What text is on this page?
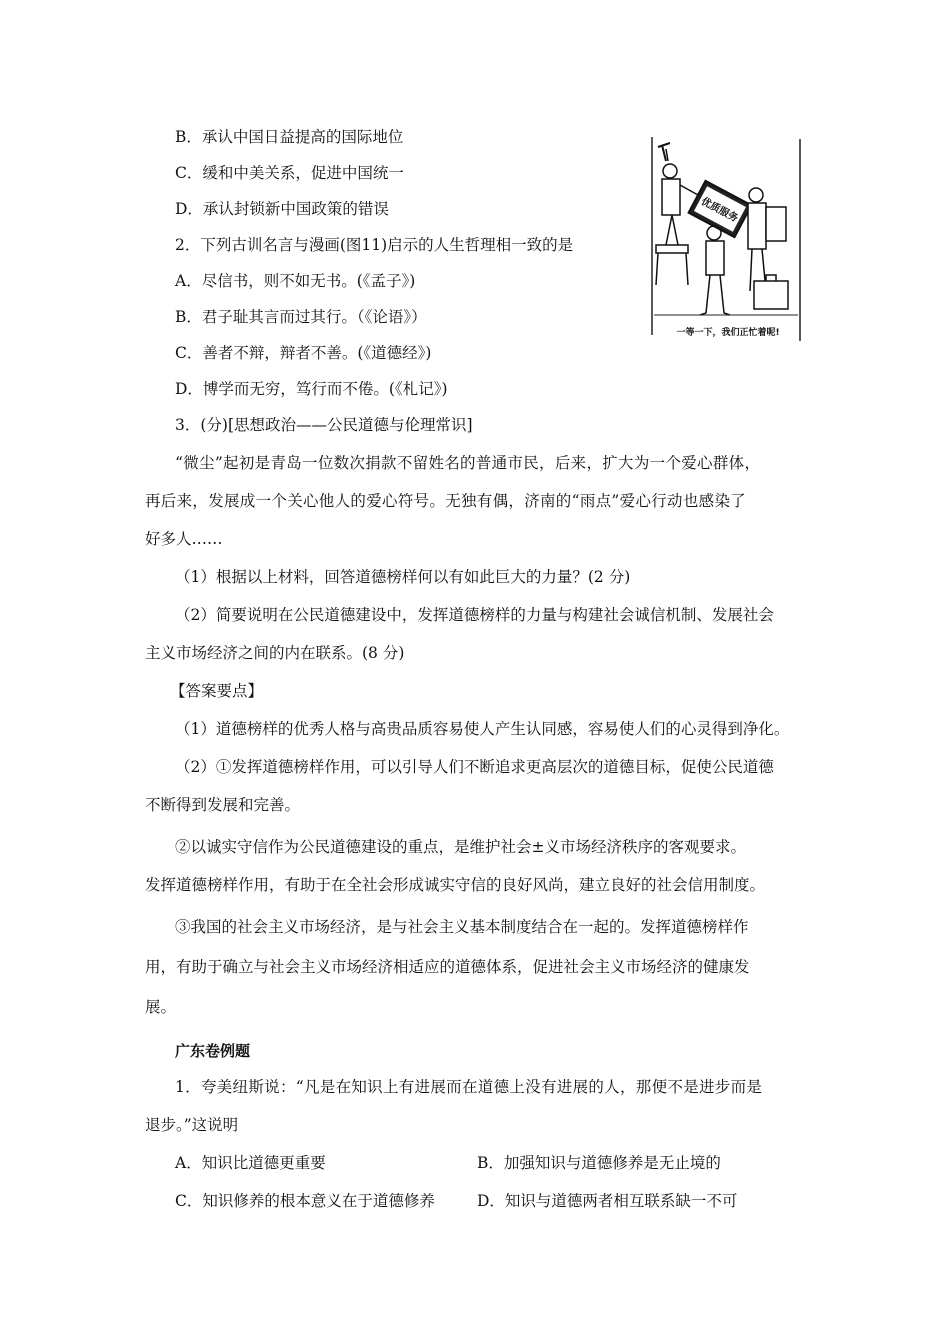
B．承认中国日益提高的国际地位
C．缓和中美关系，促进中国统一
D．承认封锁新中国政策的错误
2．下列古训名言与漫画(图11)启示的人生哲理相一致的是
A．尽信书，则不如无书。(《孟子》)
B．君子耻其言而过其行。（《论语》）
C．善者不辩，辩者不善。(《道德经》)
D．博学而无穷，笃行而不倦。(《札记》)
优质服务
一等一下，我们正忙着呢!
3．(分)[思想政治——公民道德与伦理常识]
“微尘”起初是青岛一位数次捐款不留姓名的普通市民，后来，扩大为一个爱心群体，
再后来，发展成一个关心他人的爱心符号。无独有偶，济南的“雨点”爱心行动也感染了
好多人……
（1）根据以上材料，回答道德榜样何以有如此巨大的力量？(2 分)
（2）简要说明在公民道德建设中，发挥道德榜样的力量与构建社会诚信机制、发展社会
主义市场经济之间的内在联系。(8 分)
【答案要点】
（1）道德榜样的优秀人格与高贵品质容易使人产生认同感，容易使人们的心灵得到净化。
（2）①发挥道德榜样作用，可以引导人们不断追求更高层次的道德目标，促使公民道德
不断得到发展和完善。
②以诚实守信作为公民道德建设的重点，是维护社会±义市场经济秩序的客观要求。
发挥道德榜样作用，有助于在全社会形成诚实守信的良好风尚，建立良好的社会信用制度。
③我国的社会主义市场经济，是与社会主义基本制度结合在一起的。发挥道德榜样作
用，有助于确立与社会主义市场经济相适应的道德体系，促进社会主义市场经济的健康发
展。
广东卷例题
1．夸美纽斯说：“凡是在知识上有进展而在道德上没有进展的人，那便不是进步而是
退步。”这说明
A．知识比道德更重要	B．加强知识与道德修养是无止境的
C．知识修养的根本意义在于道德修养	D．知识与道德两者相互联系缺一不可
